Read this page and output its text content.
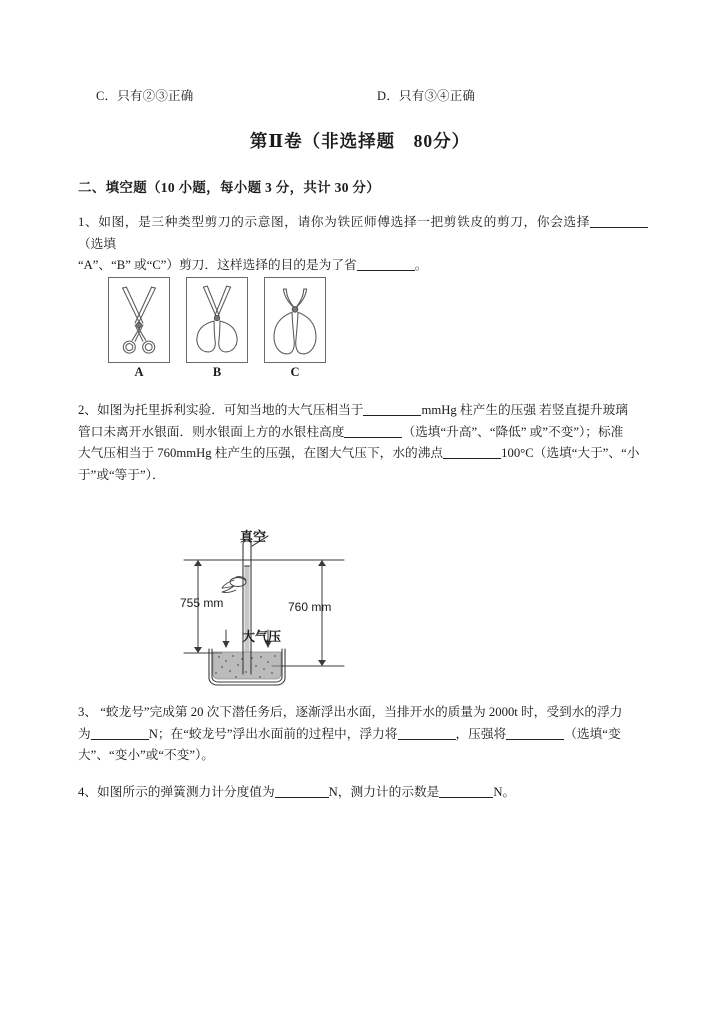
C．只有②③正确	D．只有③④正确
第Ⅱ卷（非选择题　80分）
二、填空题（10 小题，每小题 3 分，共计 30 分）

1、如图，是三种类型剪刀的示意图，请你为铁匠师傅选择一把剪铁皮的剪刀，你会选择（选填

“A”、“B” 或“C”）剪刀．这样选择的目的是为了省	。

A	B	C

2、如图为托里拆利实验．可知当地的大气压相当于	mmHg 柱产生的压强 若竖直提升玻璃

管口未离开水银面．则水银面上方的水银柱高度	（选填“升高”、“降低” 或”不变”）；标准

大气压相当于 760mmHg 柱产生的压强，在图大气压下，水的沸点	100°C（选填“大于”、“小

于”或“等于”）．

真空
755 mm	760 mm
大气压

3、 “蛟龙号”完成第 20 次下潜任务后，逐渐浮出水面，当排开水的质量为 2000t 时，受到水的浮力

为	N；在“蛟龙号”浮出水面前的过程中，浮力将	，压强将	（选填“变

大”、“变小”或“不变”）。

4、如图所示的弹簧测力计分度值为	N，测力计的示数是	N。
